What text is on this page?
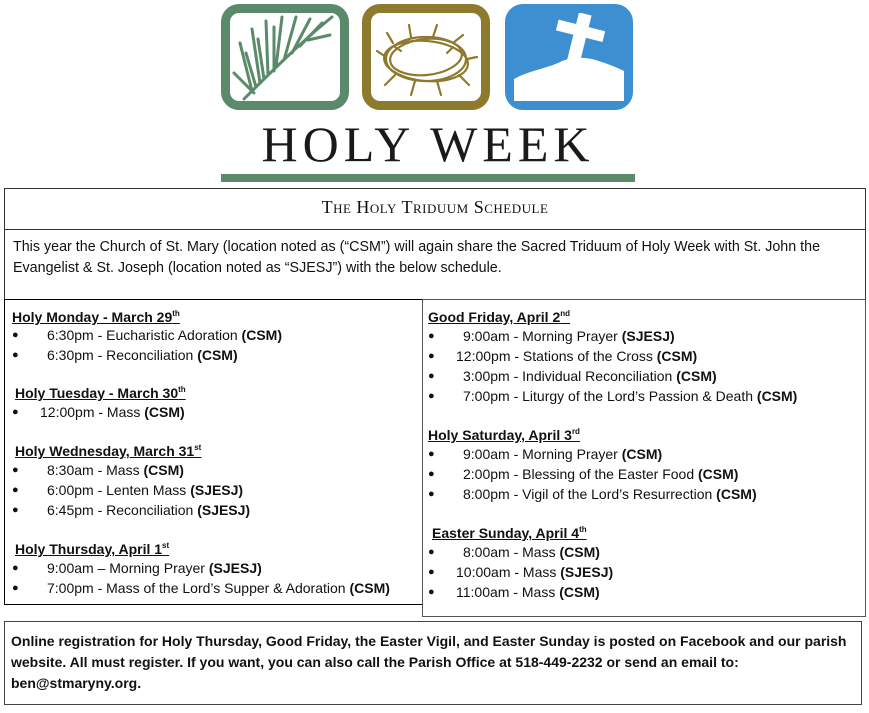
HOLY WEEK
The Holy Triduum Schedule
This year the Church of St. Mary (location noted as (“CSM”) will again share the Sacred Triduum of Holy Week with St. John the Evangelist & St. Joseph (location noted as “SJESJ”) with the below schedule.
Holy Monday - March 29th
● 6:30pm - Eucharistic Adoration (CSM)
● 6:30pm - Reconciliation (CSM)
Holy Tuesday - March 30th
● 12:00pm - Mass (CSM)
Holy Wednesday, March 31st
● 8:30am - Mass (CSM)
● 6:00pm - Lenten Mass (SJESJ)
● 6:45pm - Reconciliation (SJESJ)
Holy Thursday, April 1st
● 9:00am – Morning Prayer (SJESJ)
● 7:00pm - Mass of the Lord’s Supper & Adoration (CSM)
Good Friday, April 2nd
● 9:00am - Morning Prayer (SJESJ)
● 12:00pm - Stations of the Cross (CSM)
● 3:00pm - Individual Reconciliation (CSM)
● 7:00pm - Liturgy of the Lord’s Passion & Death (CSM)
Holy Saturday, April 3rd
● 9:00am - Morning Prayer (CSM)
● 2:00pm - Blessing of the Easter Food (CSM)
● 8:00pm - Vigil of the Lord’s Resurrection (CSM)
Easter Sunday, April 4th
● 8:00am - Mass (CSM)
● 10:00am - Mass (SJESJ)
● 11:00am - Mass (CSM)
Online registration for Holy Thursday, Good Friday, the Easter Vigil, and Easter Sunday is posted on Facebook and our parish website. All must register. If you want, you can also call the Parish Office at 518-449-2232 or send an email to: ben@stmaryny.org.
